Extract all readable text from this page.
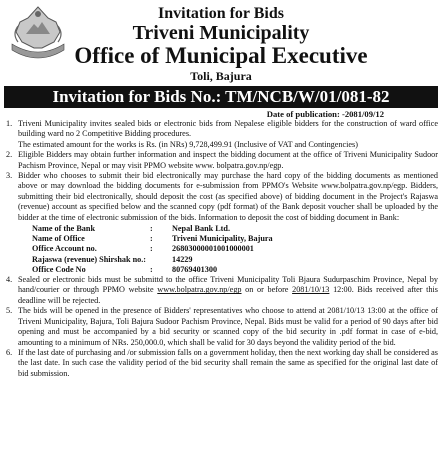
Invitation for Bids
Triveni Municipality
Office of Municipal Executive
Toli, Bajura
Invitation for Bids No.: TM/NCB/W/01/081-82
Date of publication: -2081/09/12
1. Triveni Municipality invites sealed bids or electronic bids from Nepalese eligible bidders for the construction of ward office building ward no 2 Competitive Bidding procedures.
The estimated amount for the works is Rs. (in NRs) 9,728,499.91 (Inclusive of VAT and Contingencies)
2. Eligible Bidders may obtain further information and inspect the bidding document at the office of Triveni Municipality Sudoor Pachism Province, Nepal or may visit PPMO website www. bolpatra.gov.np/egp.
3. Bidder who chooses to submit their bid electronically may purchase the hard copy of the bidding documents as mentioned above or may download the bidding documents for e-submission from PPMO's Website www.bolpatra.gov.np/egp. Bidders, submitting their bid electronically, should deposit the cost (as specified above) of bidding document in the Project's Rajaswa (revenue) account as specified below and the scanned copy (pdf format) of the Bank deposit voucher shall be uploaded by the bidder at the time of electronic submission of the bids. Information to deposit the cost of bidding document in Bank:
Name of the Bank	:	Nepal Bank Ltd.
Name of Office	:	Triveni Municipality, Bajura
Office Account no.	:	26803000001001000001
Rajaswa (revenue) Shirshak no.:	14229
Office Code No	:	80769401300
4. Sealed or electronic bids must be submittd to the office Triveni Municipality Toli Bjaura Sudurpaschim Province, Nepal by hand/courier or through PPMO website www.bolpatra.gov.np/egp on or before 2081/10/13 12:00. Bids received after this deadline will be rejected.
5. The bids will be opened in the presence of Bidders' representatives who choose to attend at 2081/10/13 13:00 at the office of Triveni Municipality, Bajura, Toli Bajura Sudoor Pachism Province, Nepal. Bids must be valid for a period of 90 days after bid opening and must be accompanied by a bid security or scanned copy of the bid security in .pdf format in case of e-bid, amounting to a minimum of NRs. 250,000.0, which shall be valid for 30 days beyond the validity period of the bid.
6. If the last date of purchasing and /or submission falls on a government holiday, then the next working day shall be considered as the last date. In such case the validity period of the bid security shall remain the same as specified for the original last date of bid submission.
